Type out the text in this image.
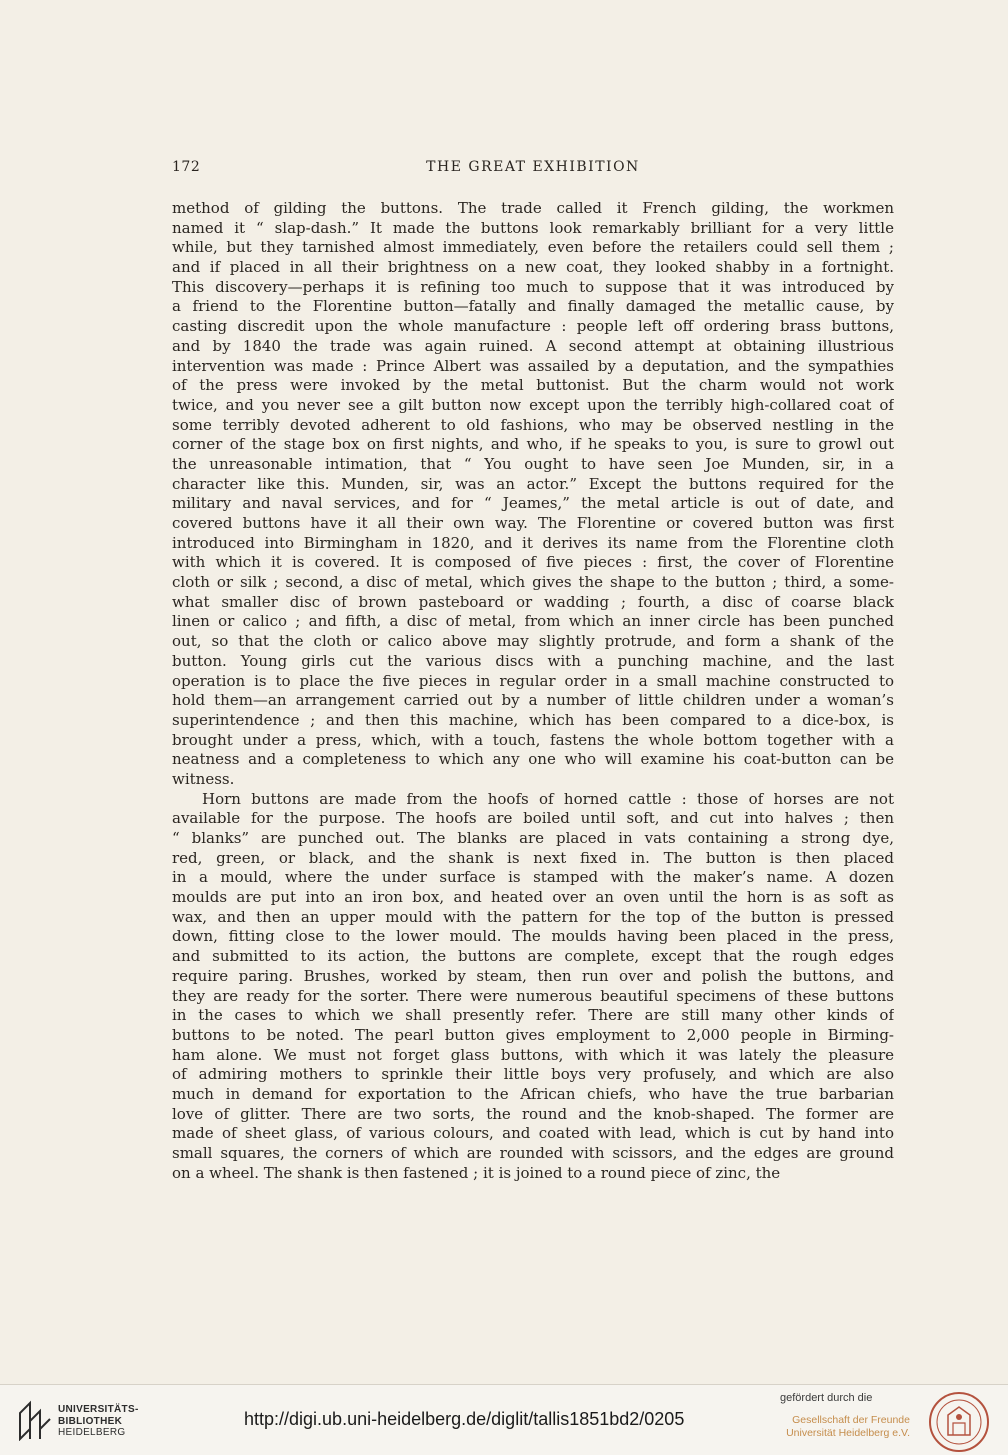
172	THE GREAT EXHIBITION

method of gilding the buttons. The trade called it French gilding, the workmen
named it “ slap-dash.” It made the buttons look remarkably brilliant for a very little
while, but they tarnished almost immediately, even before the retailers could sell them ;
and if placed in all their brightness on a new coat, they looked shabby in a fortnight.
This discovery—perhaps it is refining too much to suppose that it was introduced by
a friend to the Florentine button—fatally and finally damaged the metallic cause, by
casting discredit upon the whole manufacture : people left off ordering brass buttons,
and by 1840 the trade was again ruined. A second attempt at obtaining illustrious
intervention was made : Prince Albert was assailed by a deputation, and the sympathies
of the press were invoked by the metal buttonist. But the charm would not work
twice, and you never see a gilt button now except upon the terribly high-collared coat of
some terribly devoted adherent to old fashions, who may be observed nestling in the
corner of the stage box on first nights, and who, if he speaks to you, is sure to growl out
the unreasonable intimation, that “ You ought to have seen Joe Munden, sir, in a
character like this. Munden, sir, was an actor.” Except the buttons required for the
military and naval services, and for “ Jeames,” the metal article is out of date, and
covered buttons have it all their own way. The Florentine or covered button was first
introduced into Birmingham in 1820, and it derives its name from the Florentine cloth
with which it is covered. It is composed of five pieces : first, the cover of Florentine
cloth or silk ; second, a disc of metal, which gives the shape to the button ; third, a some-
what smaller disc of brown pasteboard or wadding ; fourth, a disc of coarse black
linen or calico ; and fifth, a disc of metal, from which an inner circle has been punched
out, so that the cloth or calico above may slightly protrude, and form a shank of the
button. Young girls cut the various discs with a punching machine, and the last
operation is to place the five pieces in regular order in a small machine constructed to
hold them—an arrangement carried out by a number of little children under a woman’s
superintendence ; and then this machine, which has been compared to a dice-box, is
brought under a press, which, with a touch, fastens the whole bottom together with a
neatness and a completeness to which any one who will examine his coat-button can be
witness.

Horn buttons are made from the hoofs of horned cattle : those of horses are not
available for the purpose. The hoofs are boiled until soft, and cut into halves ; then
“ blanks” are punched out. The blanks are placed in vats containing a strong dye,
red, green, or black, and the shank is next fixed in. The button is then placed
in a mould, where the under surface is stamped with the maker’s name. A dozen
moulds are put into an iron box, and heated over an oven until the horn is as soft as
wax, and then an upper mould with the pattern for the top of the button is pressed
down, fitting close to the lower mould. The moulds having been placed in the press,
and submitted to its action, the buttons are complete, except that the rough edges
require paring. Brushes, worked by steam, then run over and polish the buttons, and
they are ready for the sorter. There were numerous beautiful specimens of these buttons
in the cases to which we shall presently refer. There are still many other kinds of
buttons to be noted. The pearl button gives employment to 2,000 people in Birming-
ham alone. We must not forget glass buttons, with which it was lately the pleasure
of admiring mothers to sprinkle their little boys very profusely, and which are also
much in demand for exportation to the African chiefs, who have the true barbarian
love of glitter. There are two sorts, the round and the knob-shaped. The former are
made of sheet glass, of various colours, and coated with lead, which is cut by hand into
small squares, the corners of which are rounded with scissors, and the edges are ground
on a wheel. The shank is then fastened ; it is joined to a round piece of zinc, the

UNIVERSITÄTS-
BIBLIOTHEK
HEIDELBERG
http://digi.ub.uni-heidelberg.de/diglit/tallis1851bd2/0205
gefördert durch die
Gesellschaft der Freunde
Universität Heidelberg e.V.
